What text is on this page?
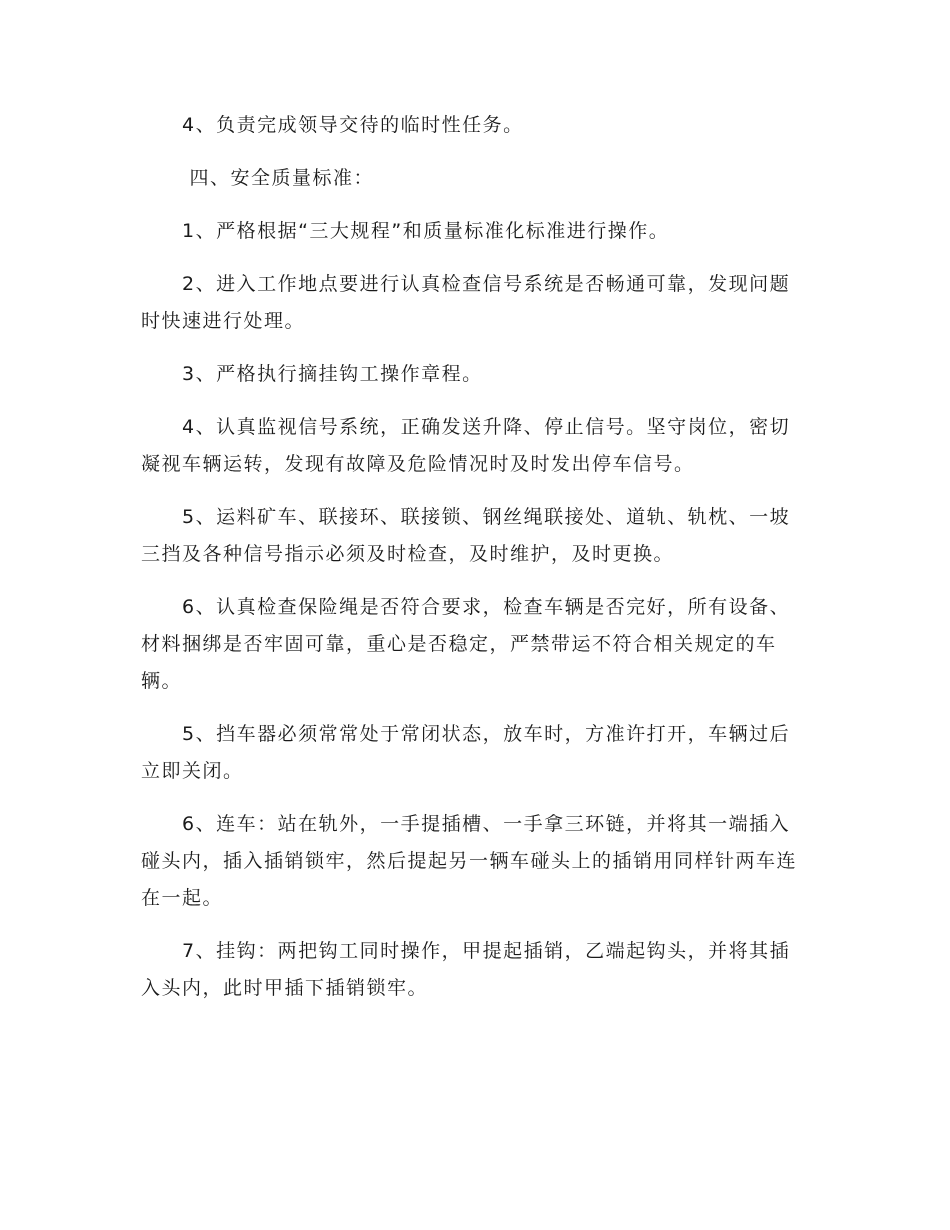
　　4、负责完成领导交待的临时性任务。

　　 四、安全质量标准：

　　1、严格根据“三大规程”和质量标准化标准进行操作。

　　2、进入工作地点要进行认真检查信号系统是否畅通可靠，发现问题时快速进行处理。

　　3、严格执行摘挂钩工操作章程。

　　4、认真监视信号系统，正确发送升降、停止信号。坚守岗位，密切凝视车辆运转，发现有故障及危险情况时及时发出停车信号。

　　5、运料矿车、联接环、联接锁、钢丝绳联接处、道轨、轨枕、一坡三挡及各种信号指示必须及时检查，及时维护，及时更换。

　　6、认真检查保险绳是否符合要求，检查车辆是否完好，所有设备、材料捆绑是否牢固可靠，重心是否稳定，严禁带运不符合相关规定的车辆。

　　5、挡车器必须常常处于常闭状态，放车时，方准许打开，车辆过后立即关闭。

　　6、连车：站在轨外，一手提插槽、一手拿三环链，并将其一端插入碰头内，插入插销锁牢，然后提起另一辆车碰头上的插销用同样针两车连在一起。

　　7、挂钩：两把钩工同时操作，甲提起插销，乙端起钩头，并将其插入头内，此时甲插下插销锁牢。
